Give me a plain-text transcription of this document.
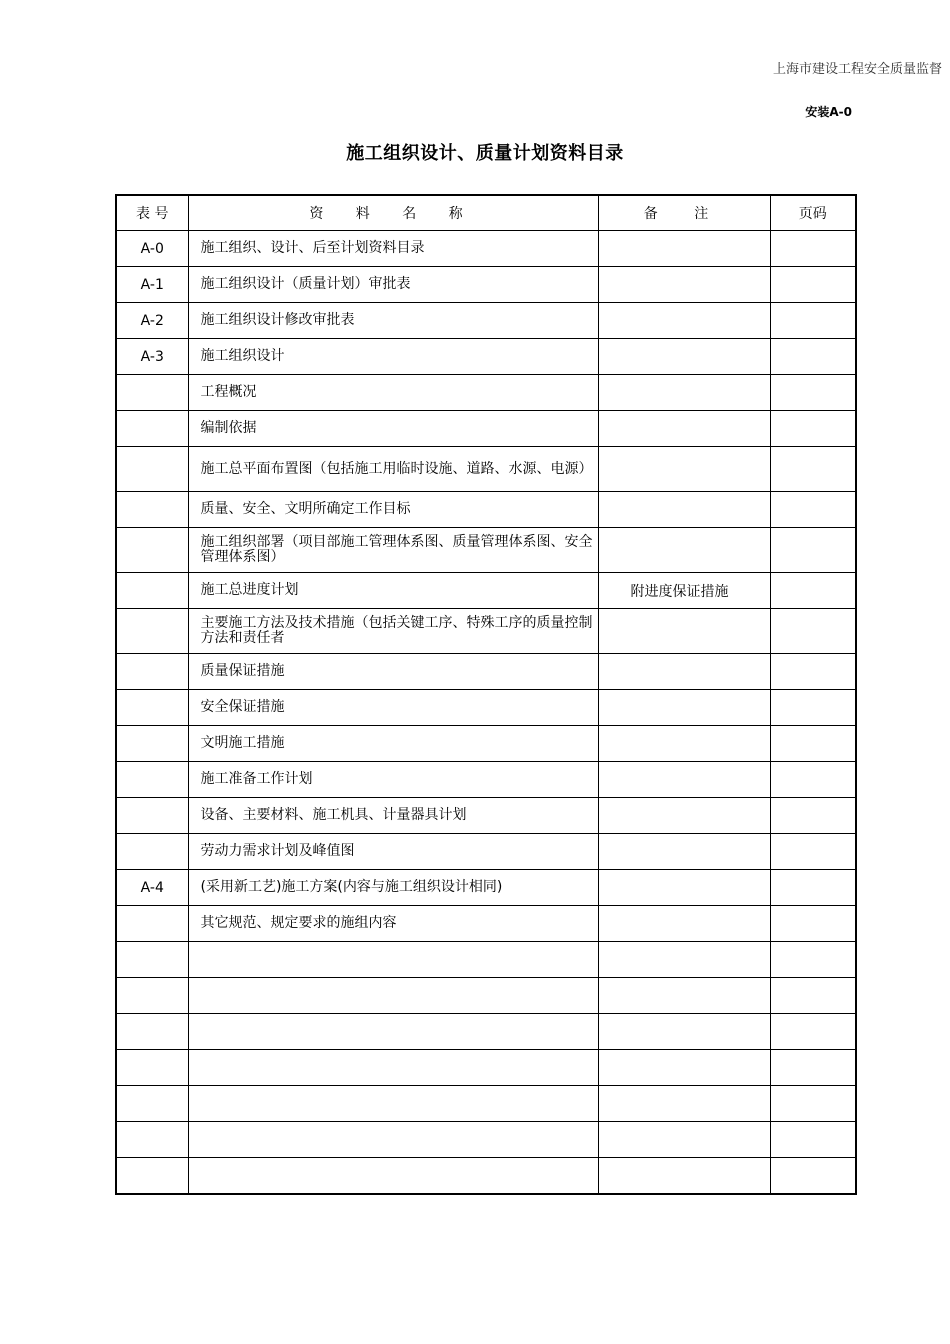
上海市建设工程安全质量监督
安装A-0
施工组织设计、质量计划资料目录
表 号	资 料 名 称	备 注	页码
A-0	施工组织、设计、后至计划资料目录		
A-1	施工组织设计（质量计划）审批表		
A-2	施工组织设计修改审批表		
A-3	施工组织设计		
	工程概况		
	编制依据		
	施工总平面布置图（包括施工用临时设施、道路、水源、电源）		
	质量、安全、文明所确定工作目标		
	施工组织部署（项目部施工管理体系图、质量管理体系图、安全管理体系图）		
	施工总进度计划	附进度保证措施	
	主要施工方法及技术措施（包括关键工序、特殊工序的质量控制方法和责任者		
	质量保证措施		
	安全保证措施		
	文明施工措施		
	施工准备工作计划		
	设备、主要材料、施工机具、计量器具计划		
	劳动力需求计划及峰值图		
A-4	(采用新工艺)施工方案(内容与施工组织设计相同)		
	其它规范、规定要求的施组内容		
